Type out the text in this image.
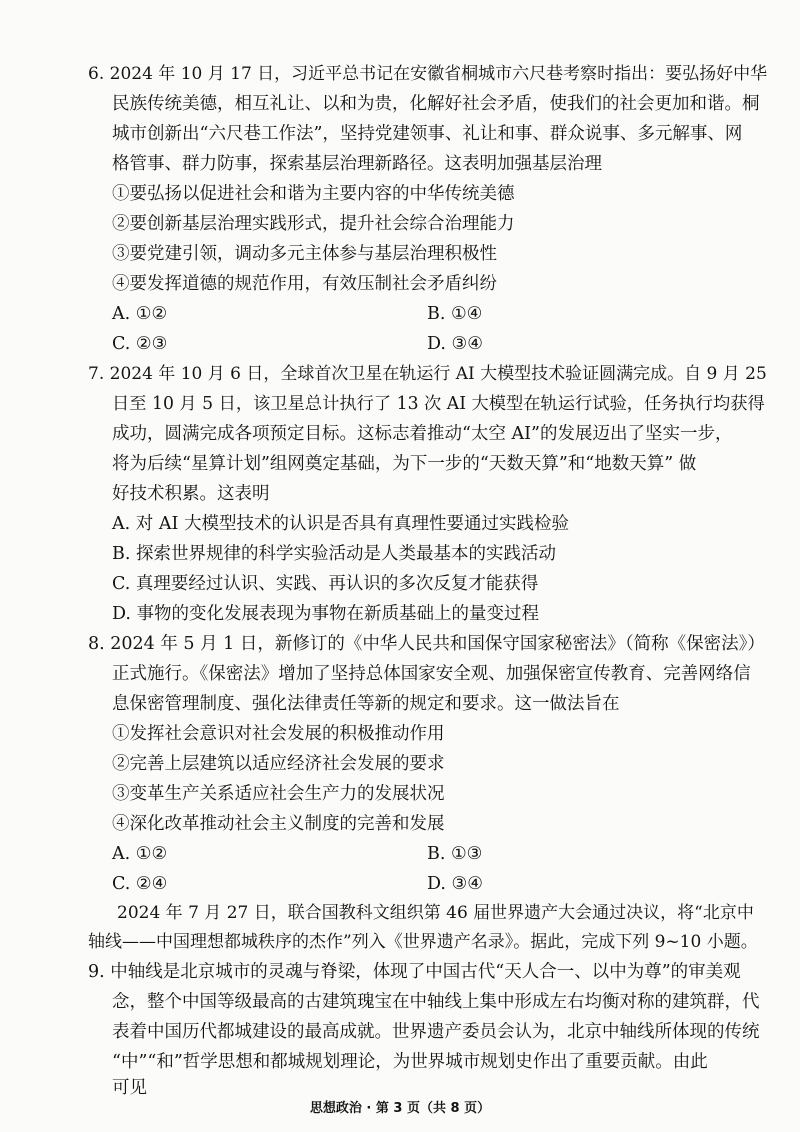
6. 2024 年 10 月 17 日，习近平总书记在安徽省桐城市六尺巷考察时指出：要弘扬好中华
民族传统美德，相互礼让、以和为贵，化解好社会矛盾，使我们的社会更加和谐。桐
城市创新出“六尺巷工作法”，坚持党建领事、礼让和事、群众说事、多元解事、网
格管事、群力防事，探索基层治理新路径。这表明加强基层治理
①要弘扬以促进社会和谐为主要内容的中华传统美德
②要创新基层治理实践形式，提升社会综合治理能力
③要党建引领，调动多元主体参与基层治理积极性
④要发挥道德的规范作用，有效压制社会矛盾纠纷
A. ①②	B. ①④
C. ②③	D. ③④
7. 2024 年 10 月 6 日，全球首次卫星在轨运行 AI 大模型技术验证圆满完成。自 9 月 25
日至 10 月 5 日，该卫星总计执行了 13 次 AI 大模型在轨运行试验，任务执行均获得
成功，圆满完成各项预定目标。这标志着推动“太空 AI”的发展迈出了坚实一步，
将为后续“星算计划”组网奠定基础，为下一步的“天数天算”和“地数天算” 做
好技术积累。这表明
A. 对 AI 大模型技术的认识是否具有真理性要通过实践检验
B. 探索世界规律的科学实验活动是人类最基本的实践活动
C. 真理要经过认识、实践、再认识的多次反复才能获得
D. 事物的变化发展表现为事物在新质基础上的量变过程
8. 2024 年 5 月 1 日，新修订的《中华人民共和国保守国家秘密法》（简称《保密法》）
正式施行。《保密法》增加了坚持总体国家安全观、加强保密宣传教育、完善网络信
息保密管理制度、强化法律责任等新的规定和要求。这一做法旨在
①发挥社会意识对社会发展的积极推动作用
②完善上层建筑以适应经济社会发展的要求
③变革生产关系适应社会生产力的发展状况
④深化改革推动社会主义制度的完善和发展
A. ①②	B. ①③
C. ②④	D. ③④
2024 年 7 月 27 日，联合国教科文组织第 46 届世界遗产大会通过决议，将“北京中
轴线——中国理想都城秩序的杰作”列入《世界遗产名录》。据此，完成下列 9~10 小题。
9. 中轴线是北京城市的灵魂与脊梁，体现了中国古代“天人合一、以中为尊”的审美观
念，整个中国等级最高的古建筑瑰宝在中轴线上集中形成左右均衡对称的建筑群，代
表着中国历代都城建设的最高成就。世界遗产委员会认为，北京中轴线所体现的传统
“中”“和”哲学思想和都城规划理论，为世界城市规划史作出了重要贡献。由此
可见
思想政治 · 第 3 页（共 8 页）
